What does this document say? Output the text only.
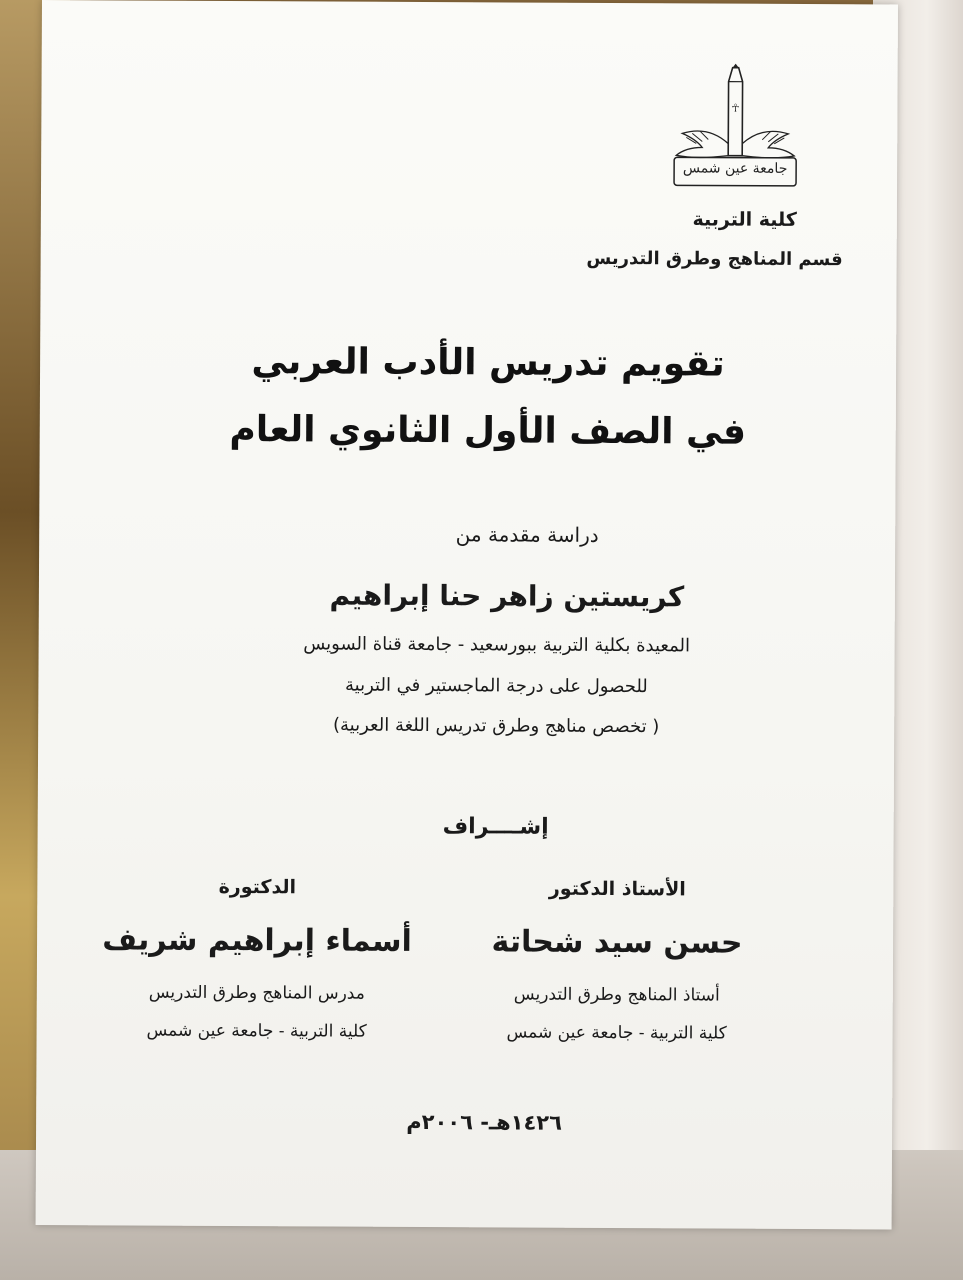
☥
جامعة عين شمس
كلية التربية
قسم المناهج وطرق التدريس
تقويم تدريس الأدب العربي
في الصف الأول الثانوي العام
دراسة مقدمة من
كريستين زاهر حنا إبراهيم
المعيدة بكلية التربية ببورسعيد - جامعة قناة السويس
للحصول على درجة الماجستير في التربية
( تخصص مناهج وطرق تدريس اللغة العربية)
إشــــراف
الأستاذ الدكتور
حسن سيد شحاتة
أستاذ المناهج وطرق التدريس
كلية التربية - جامعة عين شمس
الدكتورة
أسماء إبراهيم شريف
مدرس المناهج وطرق التدريس
كلية التربية - جامعة عين شمس
١٤٢٦هـ- ٢٠٠٦م
